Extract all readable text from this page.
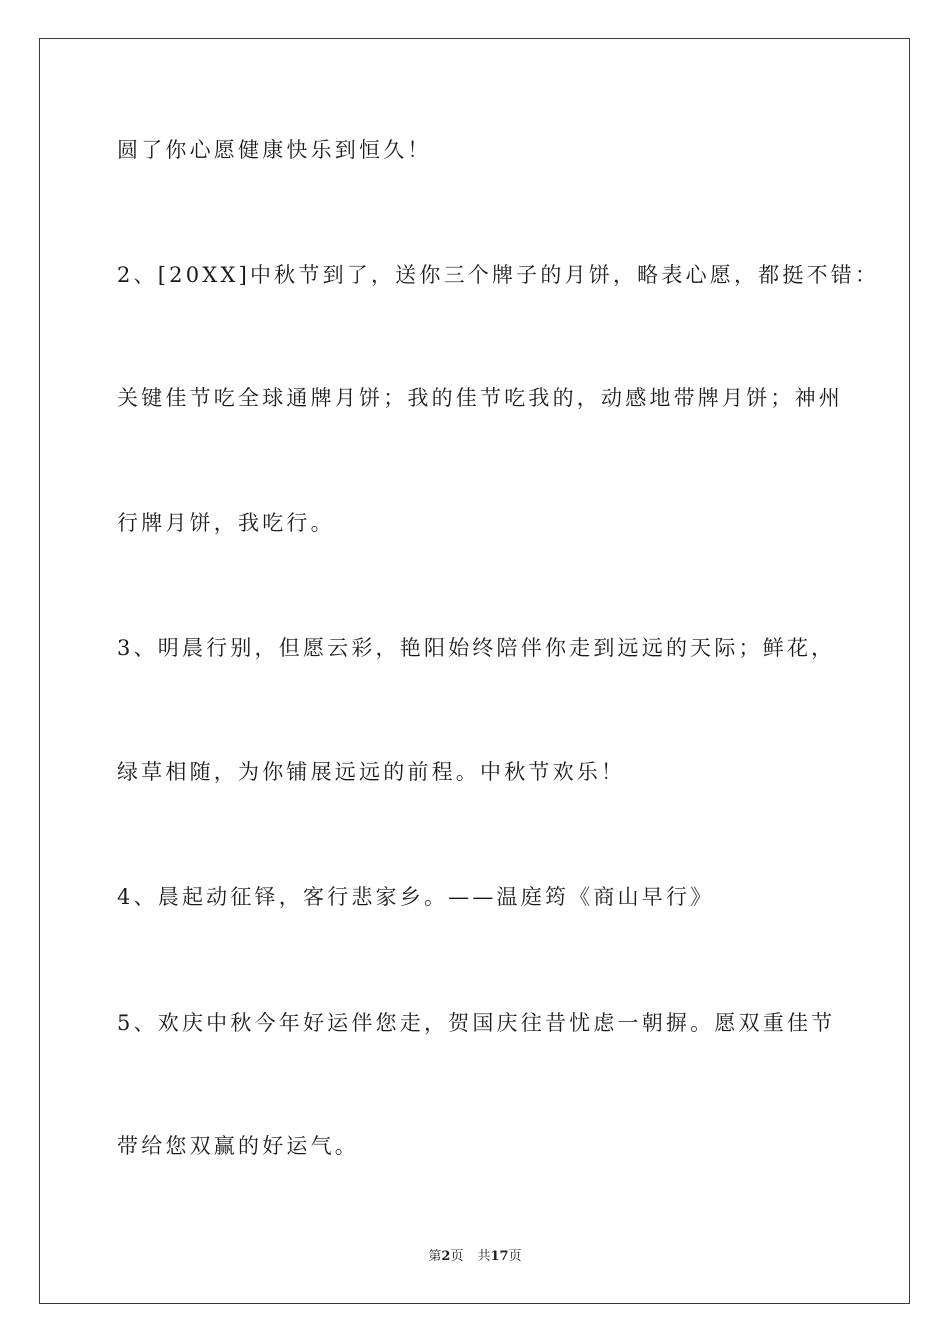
圆了你心愿健康快乐到恒久！
2、[20XX]中秋节到了，送你三个牌子的月饼，略表心愿，都挺不错：
关键佳节吃全球通牌月饼；我的佳节吃我的，动感地带牌月饼；神州
行牌月饼，我吃行。
3、明晨行别，但愿云彩，艳阳始终陪伴你走到远远的天际；鲜花，
绿草相随，为你铺展远远的前程。中秋节欢乐！
4、晨起动征铎，客行悲家乡。——温庭筠《商山早行》
5、欢庆中秋今年好运伴您走，贺国庆往昔忧虑一朝摒。愿双重佳节
带给您双赢的好运气。
第2页 共17页
